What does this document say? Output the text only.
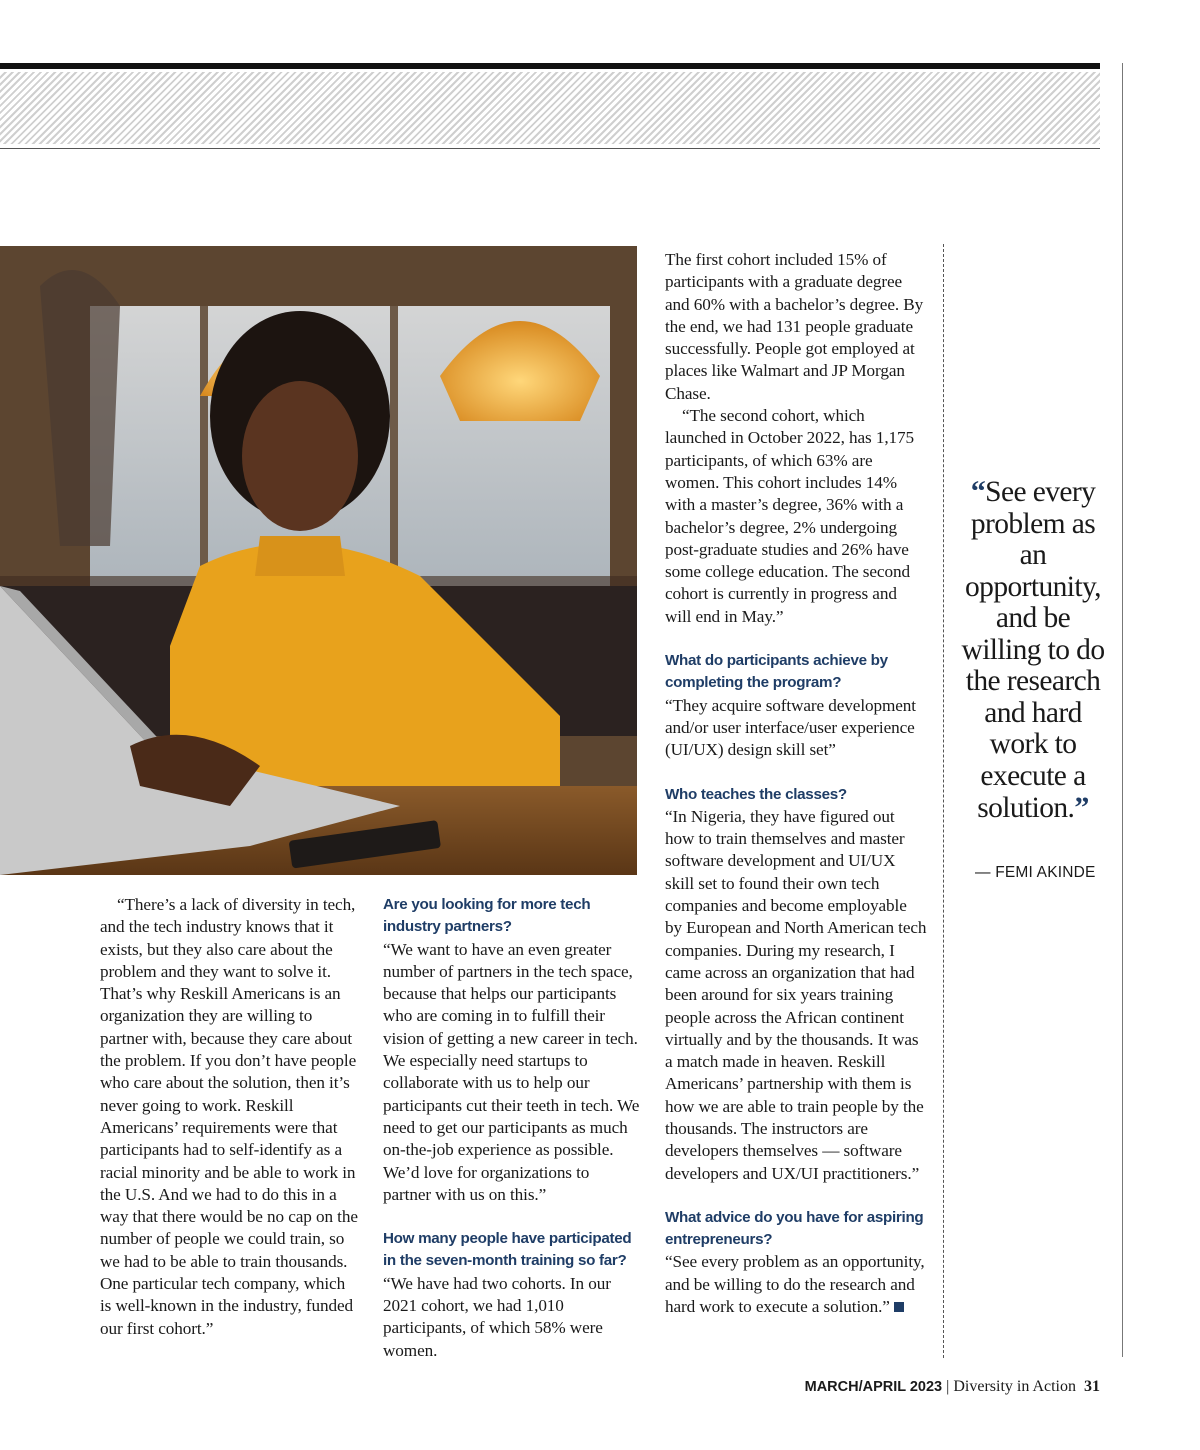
“There’s a lack of diversity in tech, and the tech industry knows that it exists, but they also care about the problem and they want to solve it. That’s why Reskill Americans is an organization they are willing to partner with, because they care about the problem. If you don’t have people who care about the solution, then it’s never going to work. Reskill Americans’ requirements were that participants had to self-identify as a racial minority and be able to work in the U.S. And we had to do this in a way that there would be no cap on the number of people we could train, so we had to be able to train thousands. One particular tech company, which is well-known in the industry, funded our first cohort.”

Are you looking for more tech industry partners?

“We want to have an even greater number of partners in the tech space, because that helps our participants who are coming in to fulfill their vision of getting a new career in tech. We especially need startups to collaborate with us to help our participants cut their teeth in tech. We need to get our participants as much on-the-job experience as possible. We’d love for organizations to partner with us on this.”

How many people have participated in the seven-month training so far?

“We have had two cohorts. In our 2021 cohort, we had 1,010 participants, of which 58% were women.

The first cohort included 15% of participants with a graduate degree and 60% with a bachelor’s degree. By the end, we had 131 people graduate successfully. People got employed at places like Walmart and JP Morgan Chase.

“The second cohort, which launched in October 2022, has 1,175 participants, of which 63% are women. This cohort includes 14% with a master’s degree, 36% with a bachelor’s degree, 2% undergoing post-graduate studies and 26% have some college education. The second cohort is currently in progress and will end in May.”

What do participants achieve by completing the program?

“They acquire software development and/or user interface/user experience (UI/UX) design skill set”

Who teaches the classes?

“In Nigeria, they have figured out how to train themselves and master software development and UI/UX skill set to found their own tech companies and become employable by European and North American tech companies. During my research, I came across an organization that had been around for six years training people across the African continent virtually and by the thousands. It was a match made in heaven. Reskill Americans’ partnership with them is how we are able to train people by the thousands. The instructors are developers themselves — software developers and UX/UI practitioners.”

What advice do you have for aspiring entrepreneurs?

“See every problem as an opportunity, and be willing to do the research and hard work to execute a solution.”

“See every problem as an opportunity, and be willing to do the research and hard work to execute a solution.”
— FEMI AKINDE
MARCH/APRIL 2023 | Diversity in Action 31
